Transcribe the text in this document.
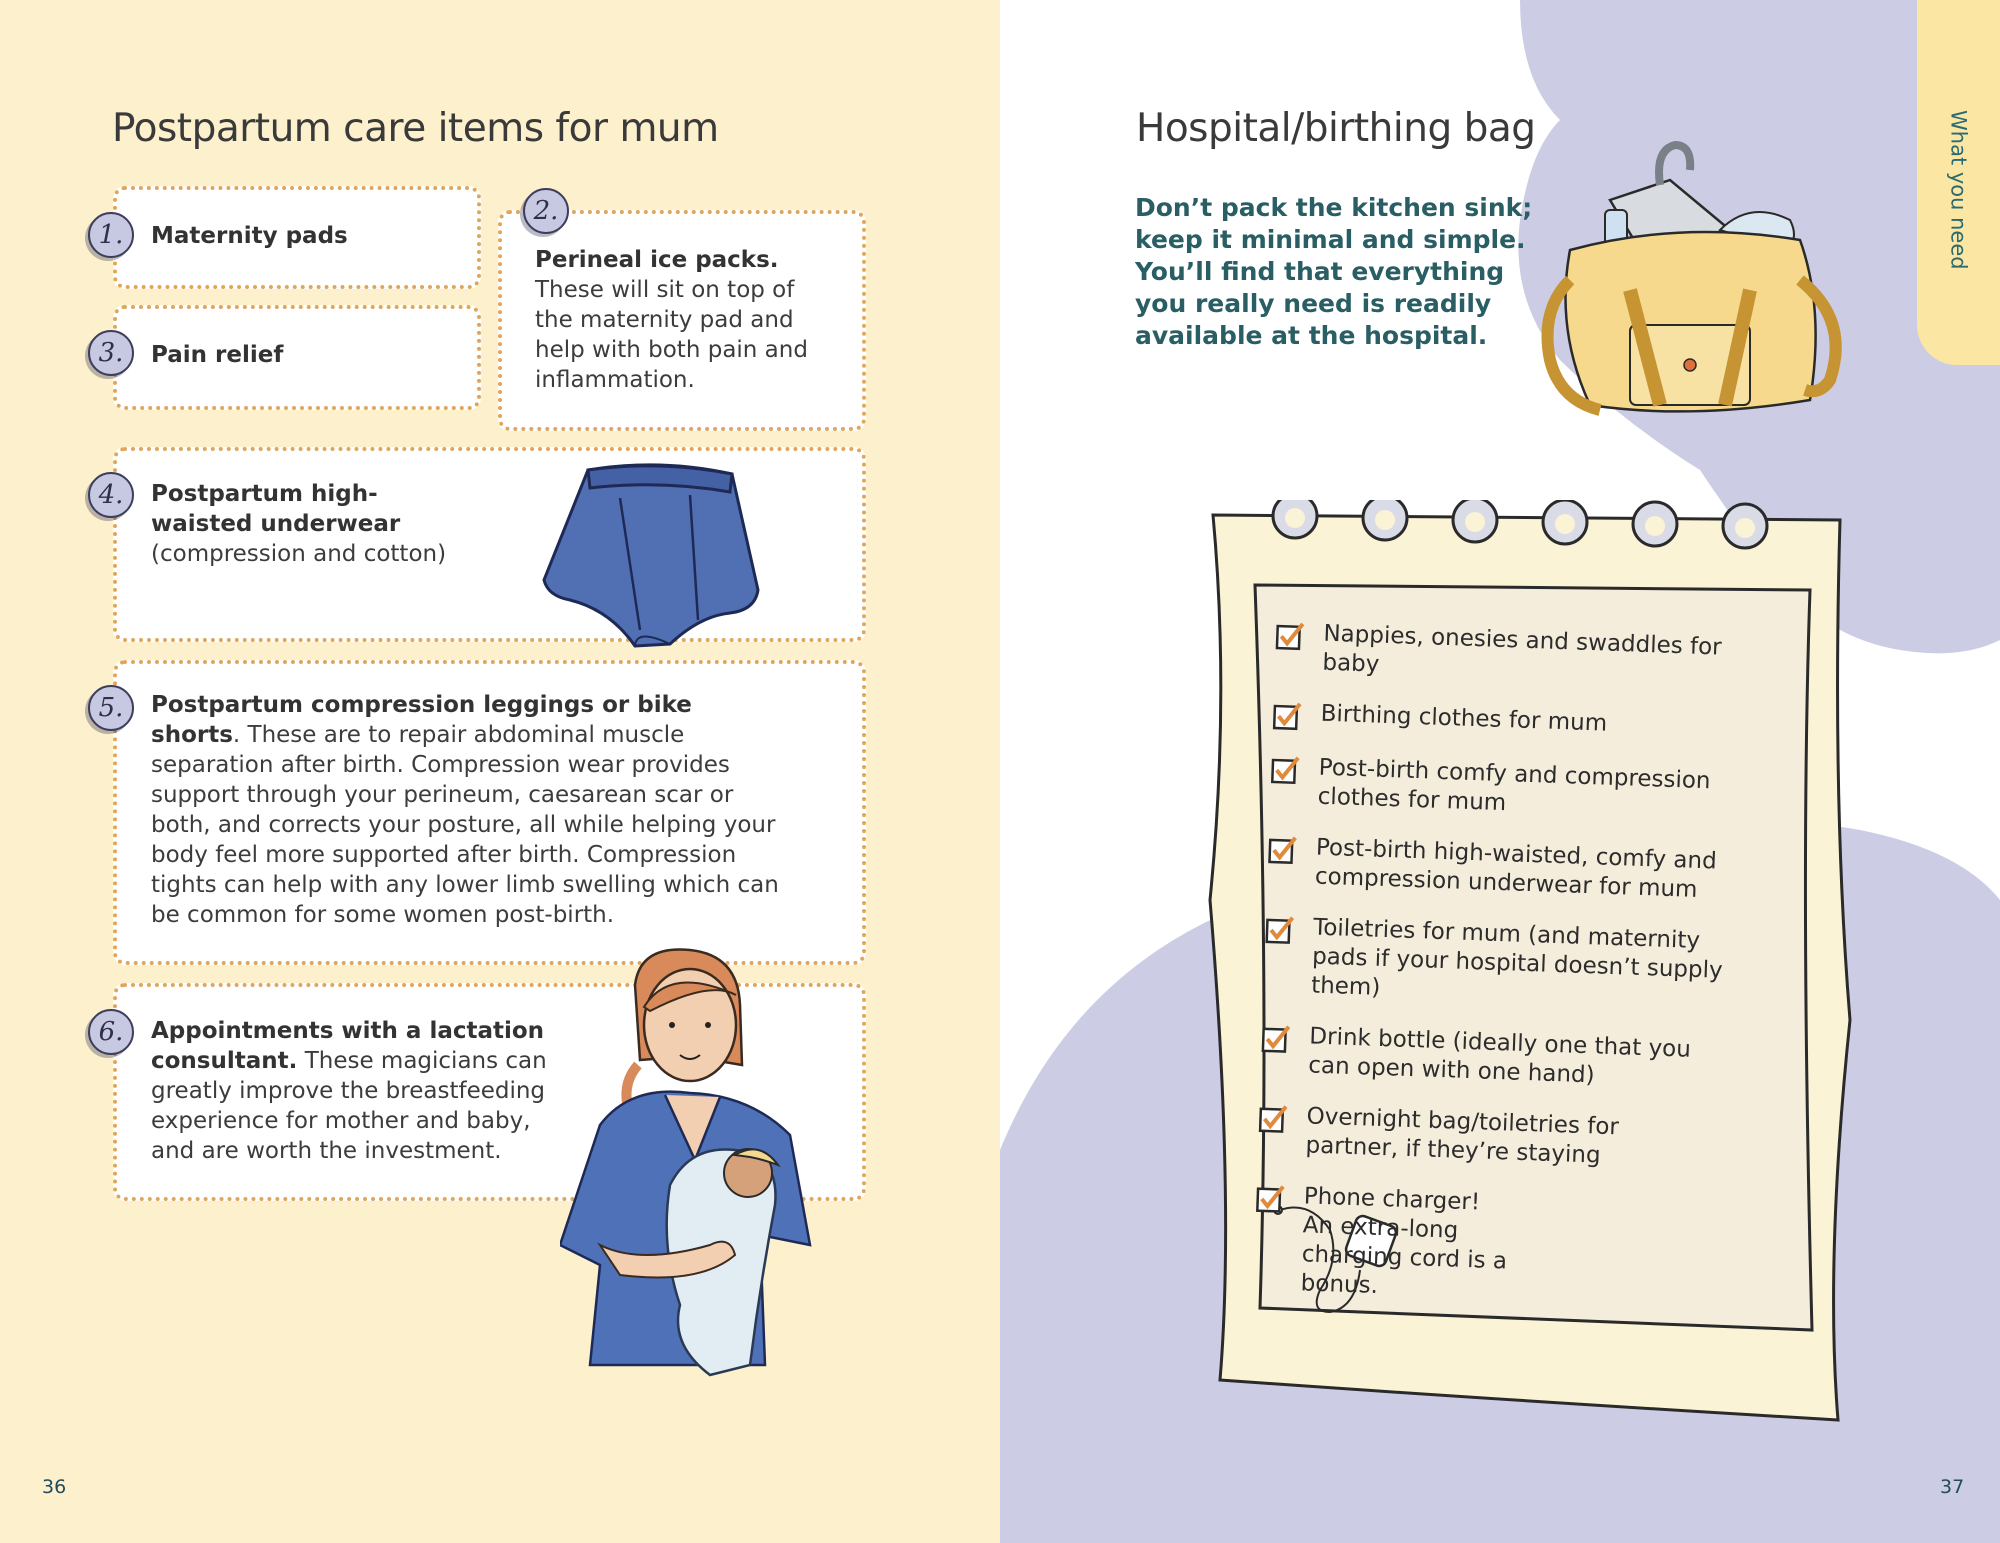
Postpartum care items for mum
1.	Maternity pads
2.
Perineal ice packs.
These will sit on top of the maternity pad and help with both pain and inflammation.
3.	Pain relief
4.	Postpartum high-waisted underwear (compression and cotton)
5.	Postpartum compression leggings or bike shorts. These are to repair abdominal muscle separation after birth. Compression wear provides support through your perineum, caesarean scar or both, and corrects your posture, all while helping your body feel more supported after birth. Compression tights can help with any lower limb swelling which can be common for some women post-birth.
6.	Appointments with a lactation consultant. These magicians can greatly improve the breastfeeding experience for mother and baby, and are worth the investment.
36
Hospital/birthing bag
Don’t pack the kitchen sink; keep it minimal and simple. You’ll find that everything you really need is readily available at the hospital.
What you need
37
Nappies, onesies and swaddles for baby
Birthing clothes for mum
Post-birth comfy and compression clothes for mum
Post-birth high-waisted, comfy and compression underwear for mum
Toiletries for mum (and maternity pads if your hospital doesn’t supply them)
Drink bottle (ideally one that you can open with one hand)
Overnight bag/toiletries for partner, if they’re staying
Phone charger! An extra-long charging cord is a bonus.
